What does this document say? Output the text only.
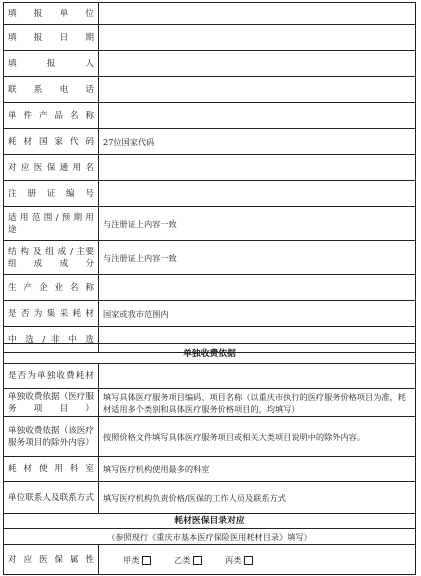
填 报 单 位	
填 报 日 期	
填 报 人	
联 系 电 话	
单件产品名称	
耗材国家代码	27位国家代码
对应医保通用名	
注 册 证 编 号	
适 用 范 围 / 预 期 用 途	与注册证上内容一致
结 构 及 组 成 / 主要组成成分	与注册证上内容一致
生产企业名称	
是否为集采耗材	国家或我市范围内
中 选 / 非 中 选	
单独收费依据	
是否为单独收费耗材	
单独收费依据（医疗服务项目）	填写具体医疗服务项目编码、项目名称（以重庆市执行的医疗服务价格项目为准，耗材适用多个类别和具体医疗服务价格项目的，均填写）
单独收费依据（该医疗服务项目的除外内容）	按照价格文件填写具体医疗服务项目或相关大类项目说明中的除外内容。
耗材使用科室	填写医疗机构使用最多的科室
单位联系人及联系方式	填写医疗机构负责价格/医保的工作人员及联系方式
耗材医保目录对应	
（参照现行《重庆市基本医疗保险医用耗材目录》填写）	
对应医保属性	甲类 乙类 丙类
